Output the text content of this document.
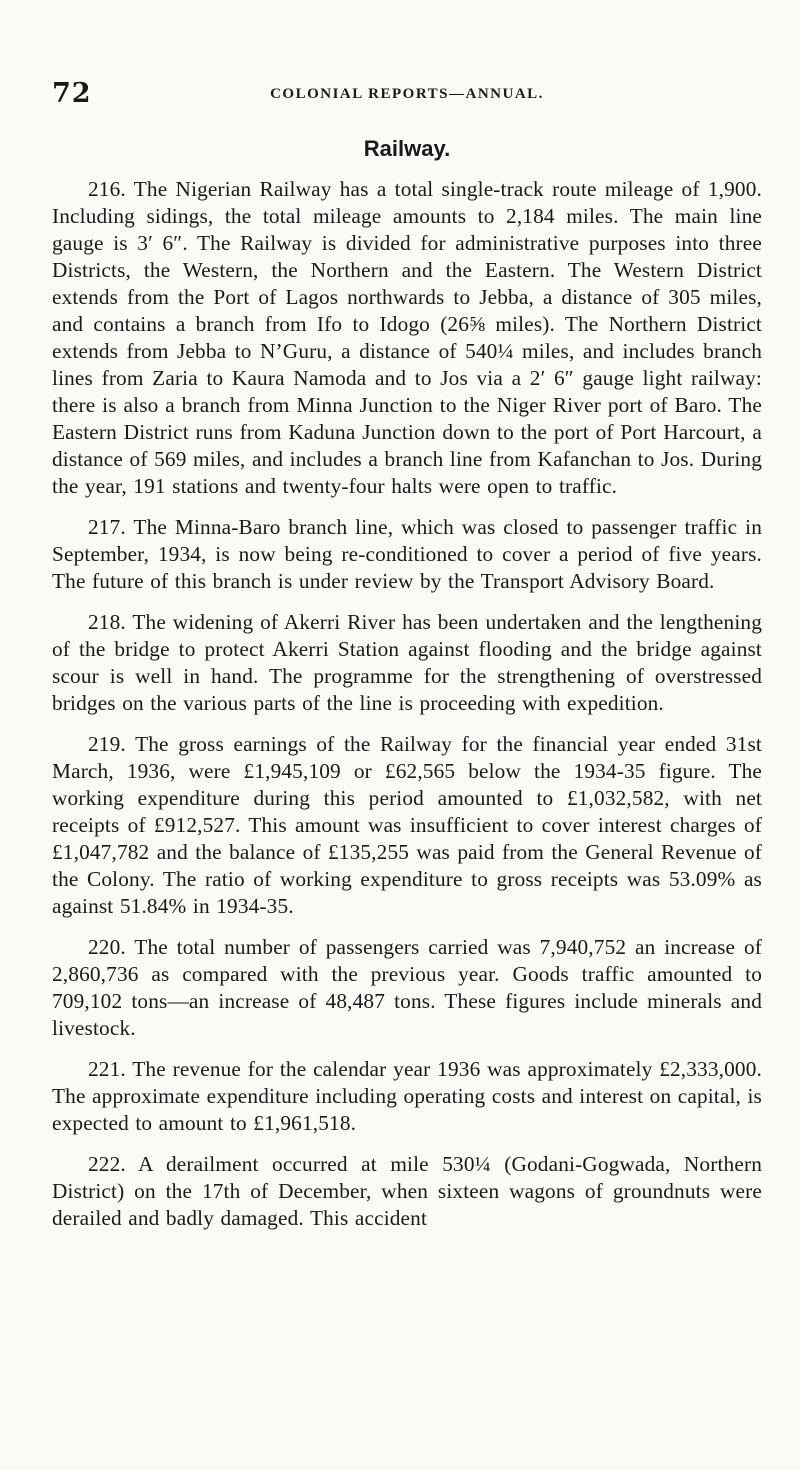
72	COLONIAL REPORTS—ANNUAL.
Railway.

216. The Nigerian Railway has a total single-track route mileage of 1,900. Including sidings, the total mileage amounts to 2,184 miles. The main line gauge is 3′ 6″. The Railway is divided for administrative purposes into three Districts, the Western, the Northern and the Eastern. The Western District extends from the Port of Lagos northwards to Jebba, a distance of 305 miles, and contains a branch from Ifo to Idogo (26⅝ miles). The Northern District extends from Jebba to N’Guru, a distance of 540¼ miles, and includes branch lines from Zaria to Kaura Namoda and to Jos via a 2′ 6″ gauge light railway: there is also a branch from Minna Junction to the Niger River port of Baro. The Eastern District runs from Kaduna Junction down to the port of Port Harcourt, a distance of 569 miles, and includes a branch line from Kafanchan to Jos. During the year, 191 stations and twenty-four halts were open to traffic.

217. The Minna-Baro branch line, which was closed to passenger traffic in September, 1934, is now being re-conditioned to cover a period of five years. The future of this branch is under review by the Transport Advisory Board.

218. The widening of Akerri River has been undertaken and the lengthening of the bridge to protect Akerri Station against flooding and the bridge against scour is well in hand. The programme for the strengthening of overstressed bridges on the various parts of the line is proceeding with expedition.

219. The gross earnings of the Railway for the financial year ended 31st March, 1936, were £1,945,109 or £62,565 below the 1934-35 figure. The working expenditure during this period amounted to £1,032,582, with net receipts of £912,527. This amount was insufficient to cover interest charges of £1,047,782 and the balance of £135,255 was paid from the General Revenue of the Colony. The ratio of working expenditure to gross receipts was 53.09% as against 51.84% in 1934-35.

220. The total number of passengers carried was 7,940,752 an increase of 2,860,736 as compared with the previous year. Goods traffic amounted to 709,102 tons—an increase of 48,487 tons. These figures include minerals and livestock.

221. The revenue for the calendar year 1936 was approximately £2,333,000. The approximate expenditure including operating costs and interest on capital, is expected to amount to £1,961,518.

222. A derailment occurred at mile 530¼ (Godani-Gogwada, Northern District) on the 17th of December, when sixteen wagons of groundnuts were derailed and badly damaged. This accident
